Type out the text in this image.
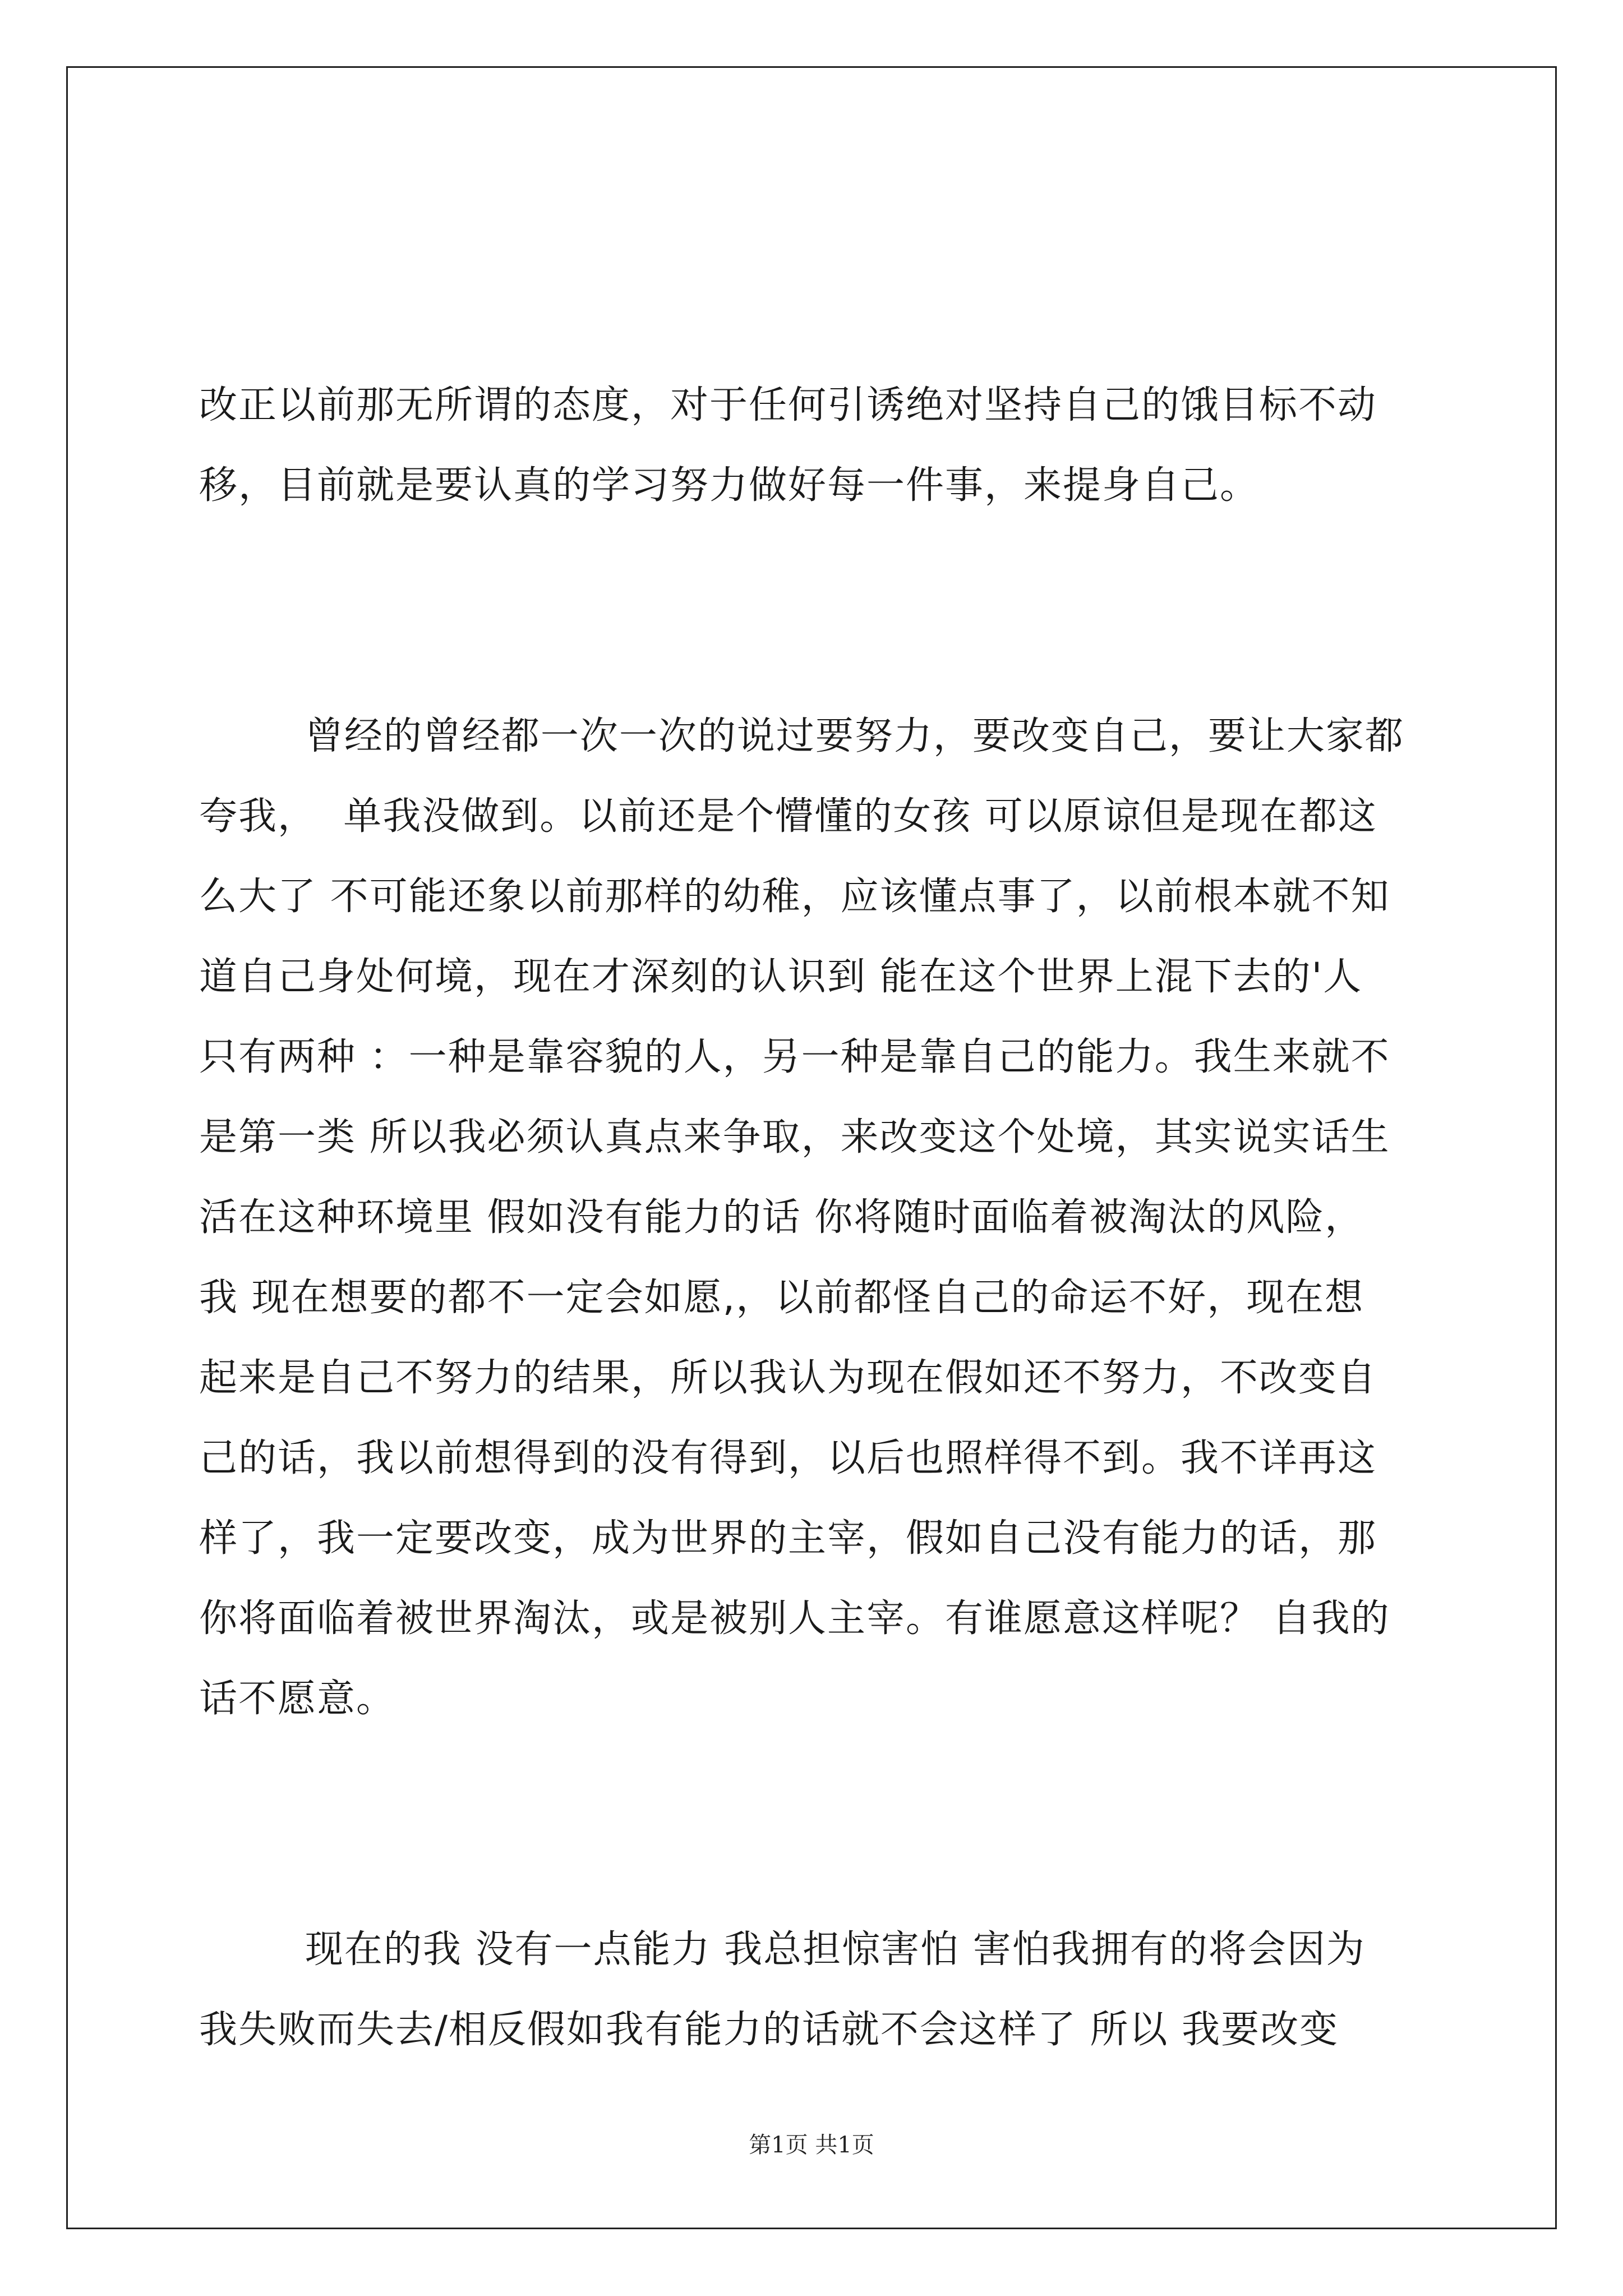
改正以前那无所谓的态度，对于任何引诱绝对坚持自己的饿目标不动
移，目前就是要认真的学习努力做好每一件事，来提身自己。

曾经的曾经都一次一次的说过要努力，要改变自己，要让大家都
夸我，  单我没做到。以前还是个懵懂的女孩 可以原谅但是现在都这
么大了 不可能还象以前那样的幼稚，应该懂点事了，以前根本就不知
道自己身处何境，现在才深刻的认识到 能在这个世界上混下去的'人
只有两种 ：一种是靠容貌的人，另一种是靠自己的能力。我生来就不
是第一类 所以我必须认真点来争取，来改变这个处境，其实说实话生
活在这种环境里 假如没有能力的话 你将随时面临着被淘汰的风险，
我 现在想要的都不一定会如愿,，以前都怪自己的命运不好，现在想
起来是自己不努力的结果，所以我认为现在假如还不努力，不改变自
己的话，我以前想得到的没有得到，以后也照样得不到。我不详再这
样了，我一定要改变，成为世界的主宰，假如自己没有能力的话，那
你将面临着被世界淘汰，或是被别人主宰。有谁愿意这样呢？ 自我的
话不愿意。

现在的我 没有一点能力 我总担惊害怕 害怕我拥有的将会因为
我失败而失去/相反假如我有能力的话就不会这样了 所以 我要改变

第1页 共1页
